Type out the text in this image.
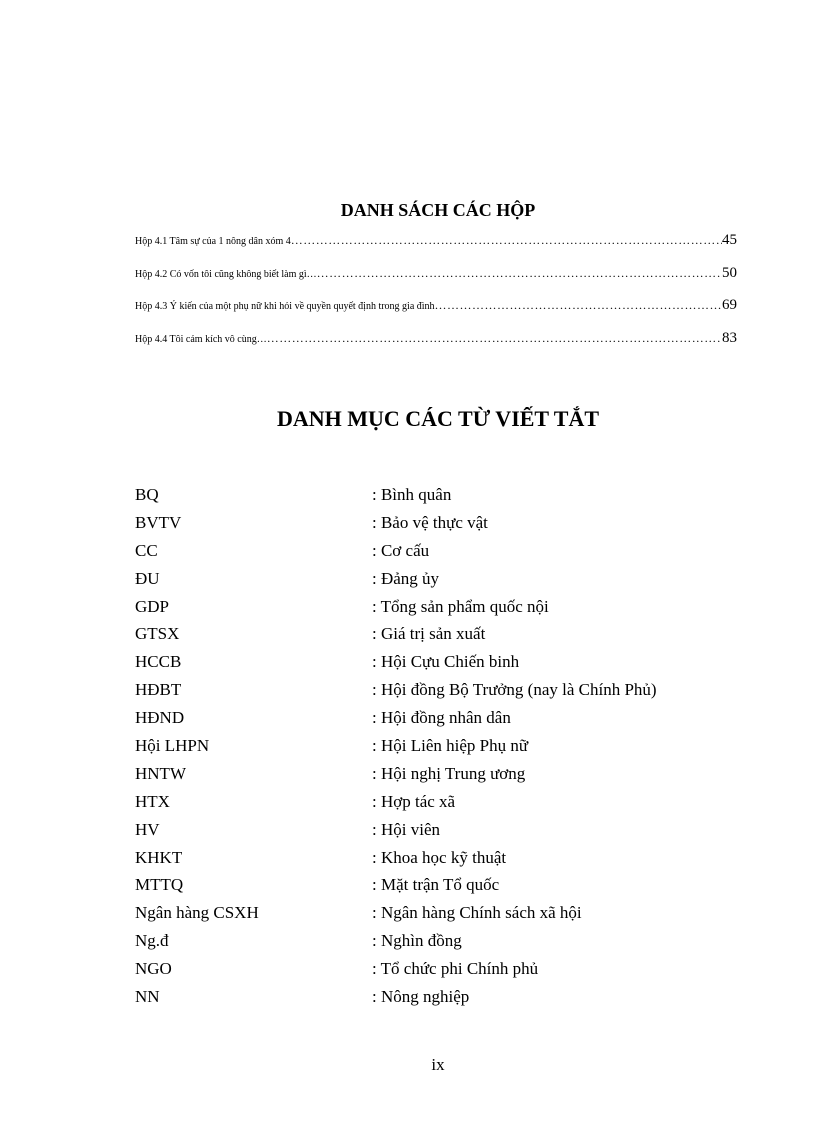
DANH SÁCH CÁC HỘP
Hộp 4.1 Tâm sự của 1 nông dân xóm 4 …………………………………………………………………………………………………………………………………………………………………………	45
Hộp 4.2 Có vốn tôi cũng không biết làm gì… …………………………………………………………………………………………………………………………………………………………………………	50
Hộp 4.3 Ý kiến của một phụ nữ khi hỏi về quyền quyết định trong gia đình …………………………………………………………………………………………………………………………………………………………………………	69
Hộp 4.4 Tôi cảm kích vô cùng… …………………………………………………………………………………………………………………………………………………………………………	83
DANH MỤC CÁC TỪ VIẾT TẮT
BQ	: Bình quân
BVTV	: Bảo vệ thực vật
CC	: Cơ cấu
ĐU	: Đảng ủy
GDP	: Tổng sản phẩm quốc nội
GTSX	: Giá trị sản xuất
HCCB	: Hội Cựu Chiến binh
HĐBT	: Hội đồng Bộ Trưởng (nay là Chính Phủ)
HĐND	: Hội đồng nhân dân
Hội LHPN	: Hội Liên hiệp Phụ nữ
HNTW	: Hội nghị Trung ương
HTX	: Hợp tác xã
HV	: Hội viên
KHKT	: Khoa học kỹ thuật
MTTQ	: Mặt trận Tổ quốc
Ngân hàng CSXH	: Ngân hàng Chính sách xã hội
Ng.đ	: Nghìn đồng
NGO	: Tổ chức phi Chính phủ
NN	: Nông nghiệp
ix
